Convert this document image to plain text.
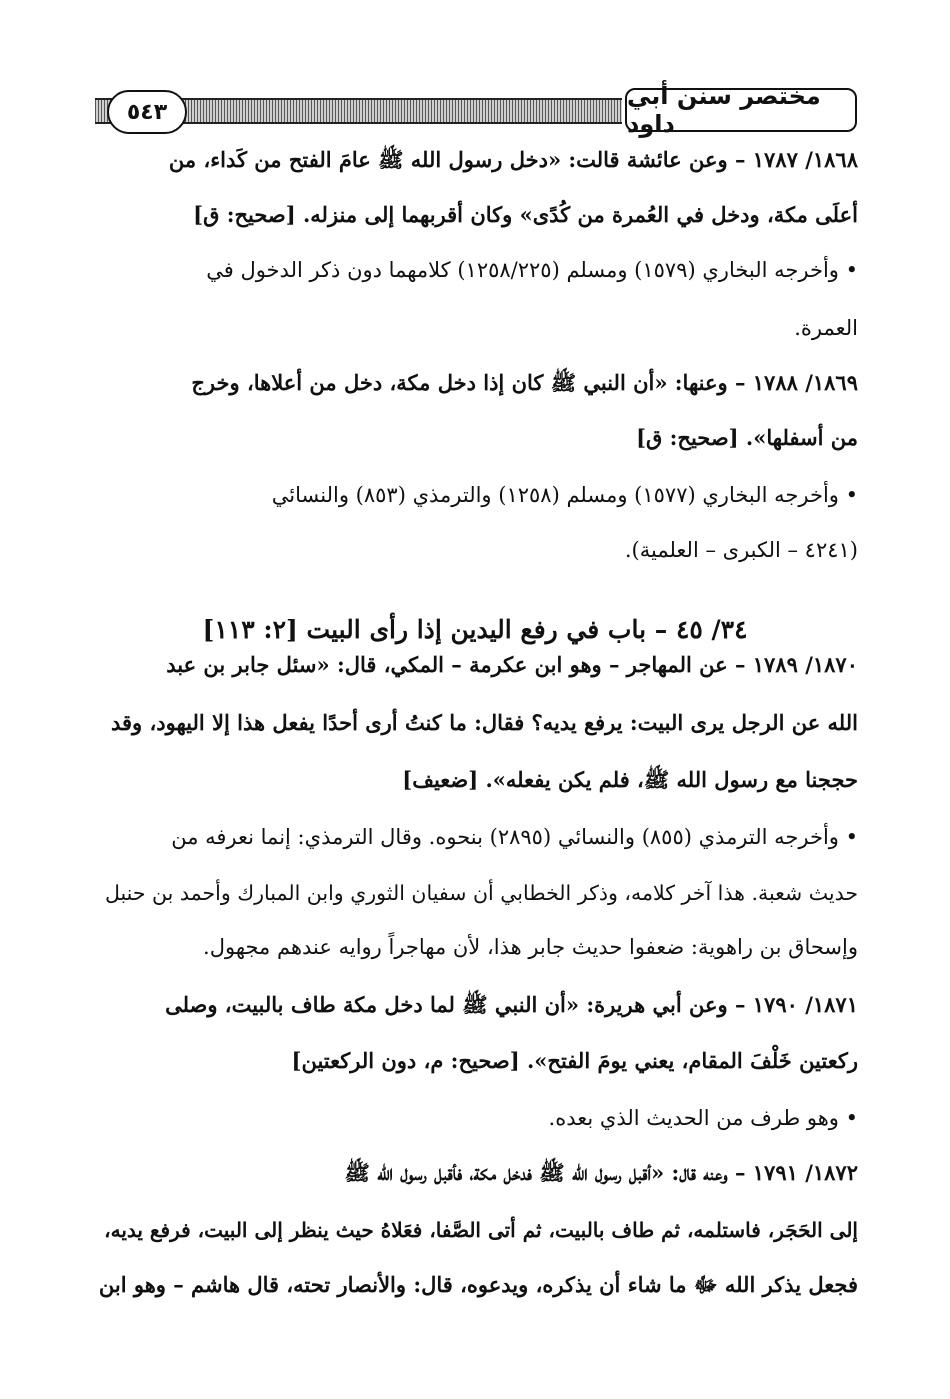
٥٤٣
مختصر سنن أبي داود

١٨٦٨/ ١٧٨٧ – وعن عائشة قالت: «دخل رسول الله ﷺ عامَ الفتح من كَداء، من

أعلَى مكة، ودخل في العُمرة من كُدًى» وكان أقربهما إلى منزله. [صحيح: ق]

• وأخرجه البخاري (١٥٧٩) ومسلم (١٢٥٨/٢٢٥) كلامهما دون ذكر الدخول في

العمرة.

١٨٦٩/ ١٧٨٨ – وعنها: «أن النبي ﷺ كان إذا دخل مكة، دخل من أعلاها، وخرج

من أسفلها». [صحيح: ق]

• وأخرجه البخاري (١٥٧٧) ومسلم (١٢٥٨) والترمذي (٨٥٣) والنسائي

(٤٢٤١ – الكبرى – العلمية).

٣٤/ ٤٥ – باب في رفع اليدين إذا رأى البيت [٢: ١١٣]

١٨٧٠/ ١٧٨٩ – عن المهاجر – وهو ابن عكرمة – المكي، قال: «سئل جابر بن عبد

الله عن الرجل يرى البيت: يرفع يديه؟ فقال: ما كنتُ أرى أحدًا يفعل هذا إلا اليهود، وقد

حججنا مع رسول الله ﷺ، فلم يكن يفعله». [ضعيف]

• وأخرجه الترمذي (٨٥٥) والنسائي (٢٨٩٥) بنحوه. وقال الترمذي: إنما نعرفه من

حديث شعبة. هذا آخر كلامه، وذكر الخطابي أن سفيان الثوري وابن المبارك وأحمد بن حنبل

وإسحاق بن راهوية: ضعفوا حديث جابر هذا، لأن مهاجراً روايه عندهم مجهول.

١٨٧١/ ١٧٩٠ – وعن أبي هريرة: «أن النبي ﷺ لما دخل مكة طاف بالبيت، وصلى

ركعتين خَلْفَ المقام، يعني يومَ الفتح». [صحيح: م، دون الركعتين]

• وهو طرف من الحديث الذي بعده.

١٨٧٢/ ١٧٩١ – وعنه قال: «أقبل رسول الله ﷺ فدخل مكة، فأقبل رسول الله ﷺ

إلى الحَجَر، فاستلمه، ثم طاف بالبيت، ثم أتى الصَّفا، فعَلاهُ حيث ينظر إلى البيت، فرفع يديه،

فجعل يذكر الله ﷻ ما شاء أن يذكره، ويدعوه، قال: والأنصار تحته، قال هاشم – وهو ابن
